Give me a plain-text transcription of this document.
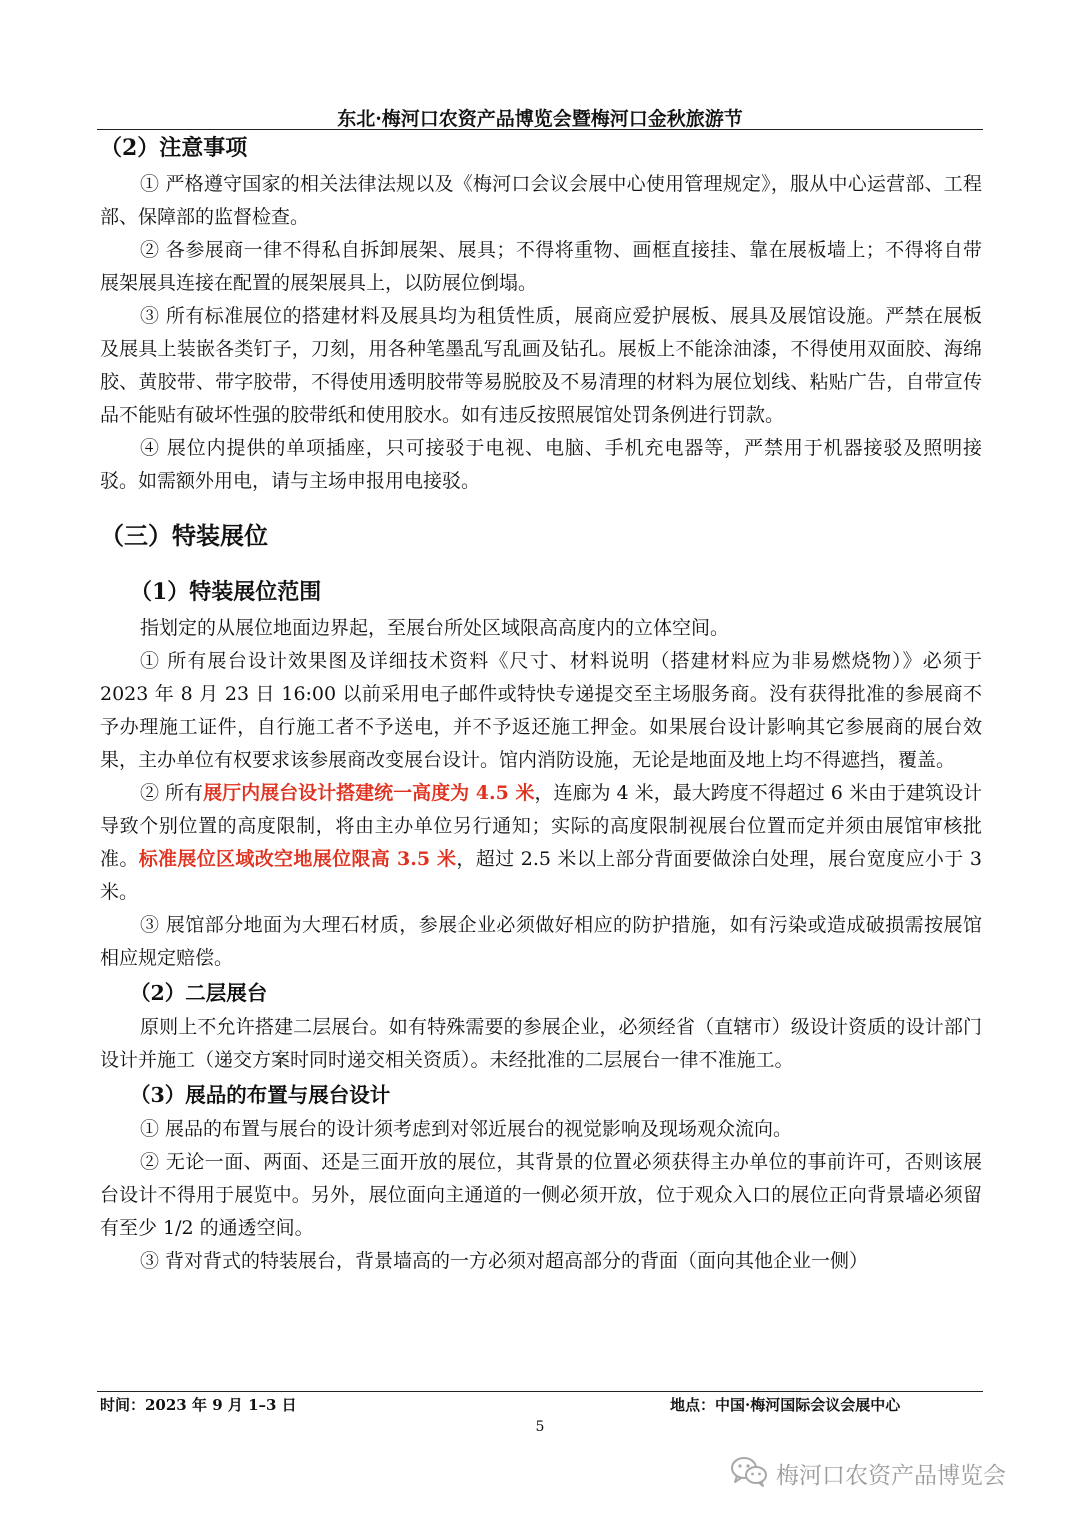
东北·梅河口农资产品博览会暨梅河口金秋旅游节
（2）注意事项

① 严格遵守国家的相关法律法规以及《梅河口会议会展中心使用管理规定》，服从中心运营部、工程部、保障部的监督检查。

② 各参展商一律不得私自拆卸展架、展具；不得将重物、画框直接挂、靠在展板墙上；不得将自带展架展具连接在配置的展架展具上，以防展位倒塌。

③ 所有标准展位的搭建材料及展具均为租赁性质，展商应爱护展板、展具及展馆设施。严禁在展板及展具上装嵌各类钉子，刀刻，用各种笔墨乱写乱画及钻孔。展板上不能涂油漆，不得使用双面胶、海绵胶、黄胶带、带字胶带，不得使用透明胶带等易脱胶及不易清理的材料为展位划线、粘贴广告，自带宣传品不能贴有破坏性强的胶带纸和使用胶水。如有违反按照展馆处罚条例进行罚款。

④ 展位内提供的单项插座，只可接驳于电视、电脑、手机充电器等，严禁用于机器接驳及照明接驳。如需额外用电，请与主场申报用电接驳。

（三）特装展位
（1）特装展位范围

指划定的从展位地面边界起，至展台所处区域限高高度内的立体空间。

① 所有展台设计效果图及详细技术资料《尺寸、材料说明（搭建材料应为非易燃烧物）》必须于 2023 年 8 月 23 日 16:00 以前采用电子邮件或特快专递提交至主场服务商。没有获得批准的参展商不予办理施工证件，自行施工者不予送电，并不予返还施工押金。如果展台设计影响其它参展商的展台效果，主办单位有权要求该参展商改变展台设计。馆内消防设施，无论是地面及地上均不得遮挡，覆盖。

② 所有展厅内展台设计搭建统一高度为 4.5 米，连廊为 4 米，最大跨度不得超过 6 米由于建筑设计导致个别位置的高度限制，将由主办单位另行通知；实际的高度限制视展台位置而定并须由展馆审核批准。标准展位区域改空地展位限高 3.5 米，超过 2.5 米以上部分背面要做涂白处理，展台宽度应小于 3 米。

③ 展馆部分地面为大理石材质，参展企业必须做好相应的防护措施，如有污染或造成破损需按展馆相应规定赔偿。

（2）二层展台

原则上不允许搭建二层展台。如有特殊需要的参展企业，必须经省（直辖市）级设计资质的设计部门设计并施工（递交方案时同时递交相关资质）。未经批准的二层展台一律不准施工。

（3）展品的布置与展台设计

① 展品的布置与展台的设计须考虑到对邻近展台的视觉影响及现场观众流向。

② 无论一面、两面、还是三面开放的展位，其背景的位置必须获得主办单位的事前许可，否则该展台设计不得用于展览中。另外，展位面向主通道的一侧必须开放，位于观众入口的展位正向背景墙必须留有至少 1/2 的通透空间。

③ 背对背式的特装展台，背景墙高的一方必须对超高部分的背面（面向其他企业一侧）

时间：2023 年 9 月 1–3 日	地点：中国·梅河国际会议会展中心

5

梅河口农资产品博览会
